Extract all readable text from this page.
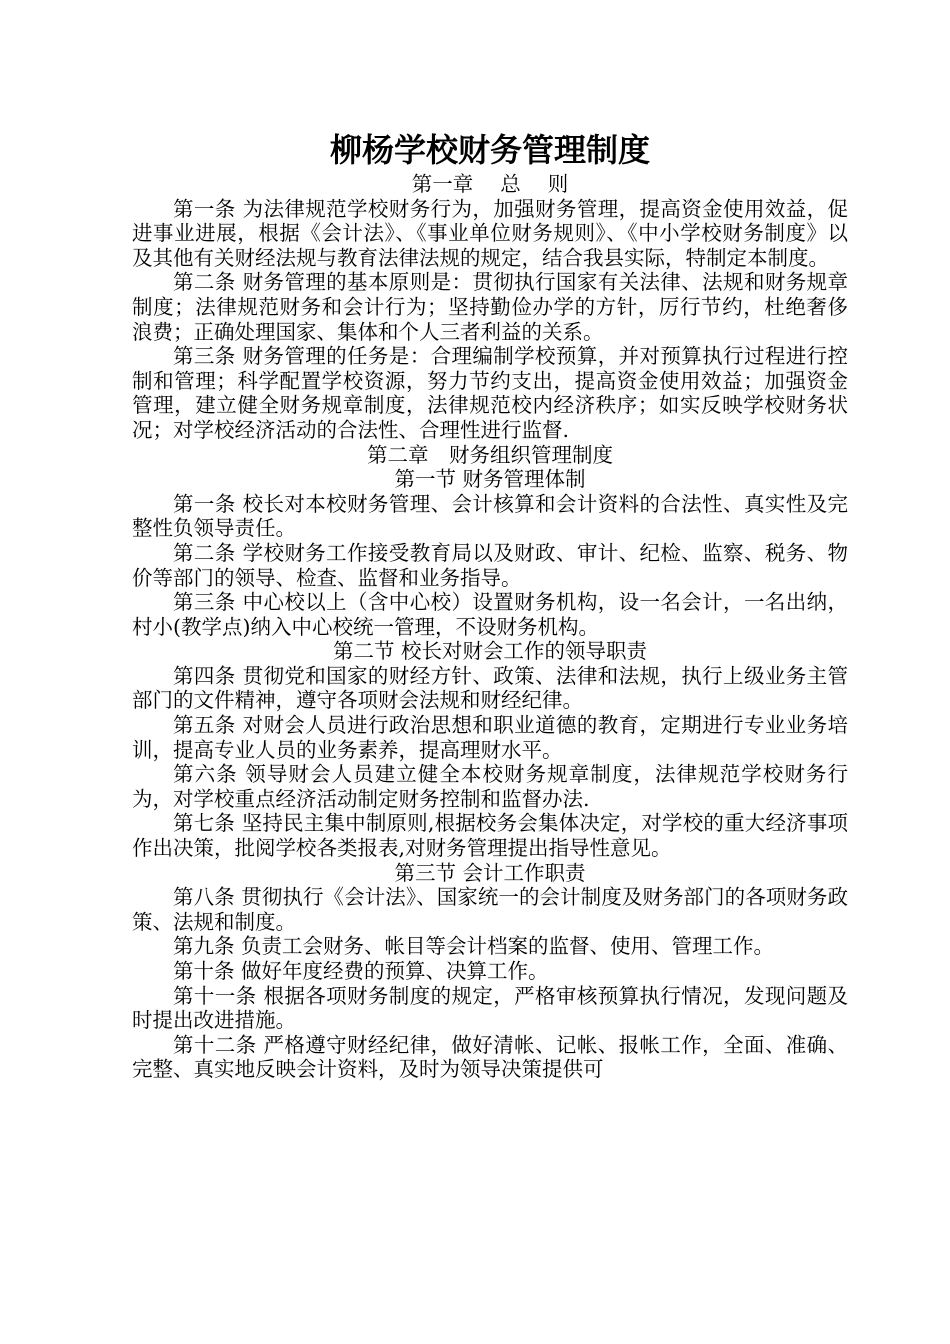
柳杨学校财务管理制度

第一章　 总　 则

第一条 为法律规范学校财务行为，加强财务管理，提高资金使用效益，促进事业进展，根据《会计法》、《事业单位财务规则》、《中小学校财务制度》以及其他有关财经法规与教育法律法规的规定，结合我县实际，特制定本制度。

第二条 财务管理的基本原则是：贯彻执行国家有关法律、法规和财务规章制度；法律规范财务和会计行为；坚持勤俭办学的方针，厉行节约，杜绝奢侈浪费；正确处理国家、集体和个人三者利益的关系。

第三条 财务管理的任务是：合理编制学校预算，并对预算执行过程进行控制和管理；科学配置学校资源，努力节约支出，提高资金使用效益；加强资金管理，建立健全财务规章制度，法律规范校内经济秩序；如实反映学校财务状况；对学校经济活动的合法性、合理性进行监督.

第二章　财务组织管理制度

第一节 财务管理体制

第一条 校长对本校财务管理、会计核算和会计资料的合法性、真实性及完整性负领导责任。

第二条 学校财务工作接受教育局以及财政、审计、纪检、监察、税务、物价等部门的领导、检查、监督和业务指导。

第三条 中心校以上（含中心校）设置财务机构，设一名会计，一名出纳，村小(教学点)纳入中心校统一管理，不设财务机构。

第二节 校长对财会工作的领导职责

第四条 贯彻党和国家的财经方针、政策、法律和法规，执行上级业务主管部门的文件精神，遵守各项财会法规和财经纪律。

第五条 对财会人员进行政治思想和职业道德的教育，定期进行专业业务培训，提高专业人员的业务素养，提高理财水平。

第六条 领导财会人员建立健全本校财务规章制度，法律规范学校财务行为，对学校重点经济活动制定财务控制和监督办法.

第七条 坚持民主集中制原则,根据校务会集体决定，对学校的重大经济事项作出决策，批阅学校各类报表,对财务管理提出指导性意见。

第三节 会计工作职责

第八条 贯彻执行《会计法》、国家统一的会计制度及财务部门的各项财务政策、法规和制度。

第九条 负责工会财务、帐目等会计档案的监督、使用、管理工作。

第十条 做好年度经费的预算、决算工作。

第十一条 根据各项财务制度的规定，严格审核预算执行情况，发现问题及时提出改进措施。

第十二条 严格遵守财经纪律，做好清帐、记帐、报帐工作，全面、准确、完整、真实地反映会计资料，及时为领导决策提供可
